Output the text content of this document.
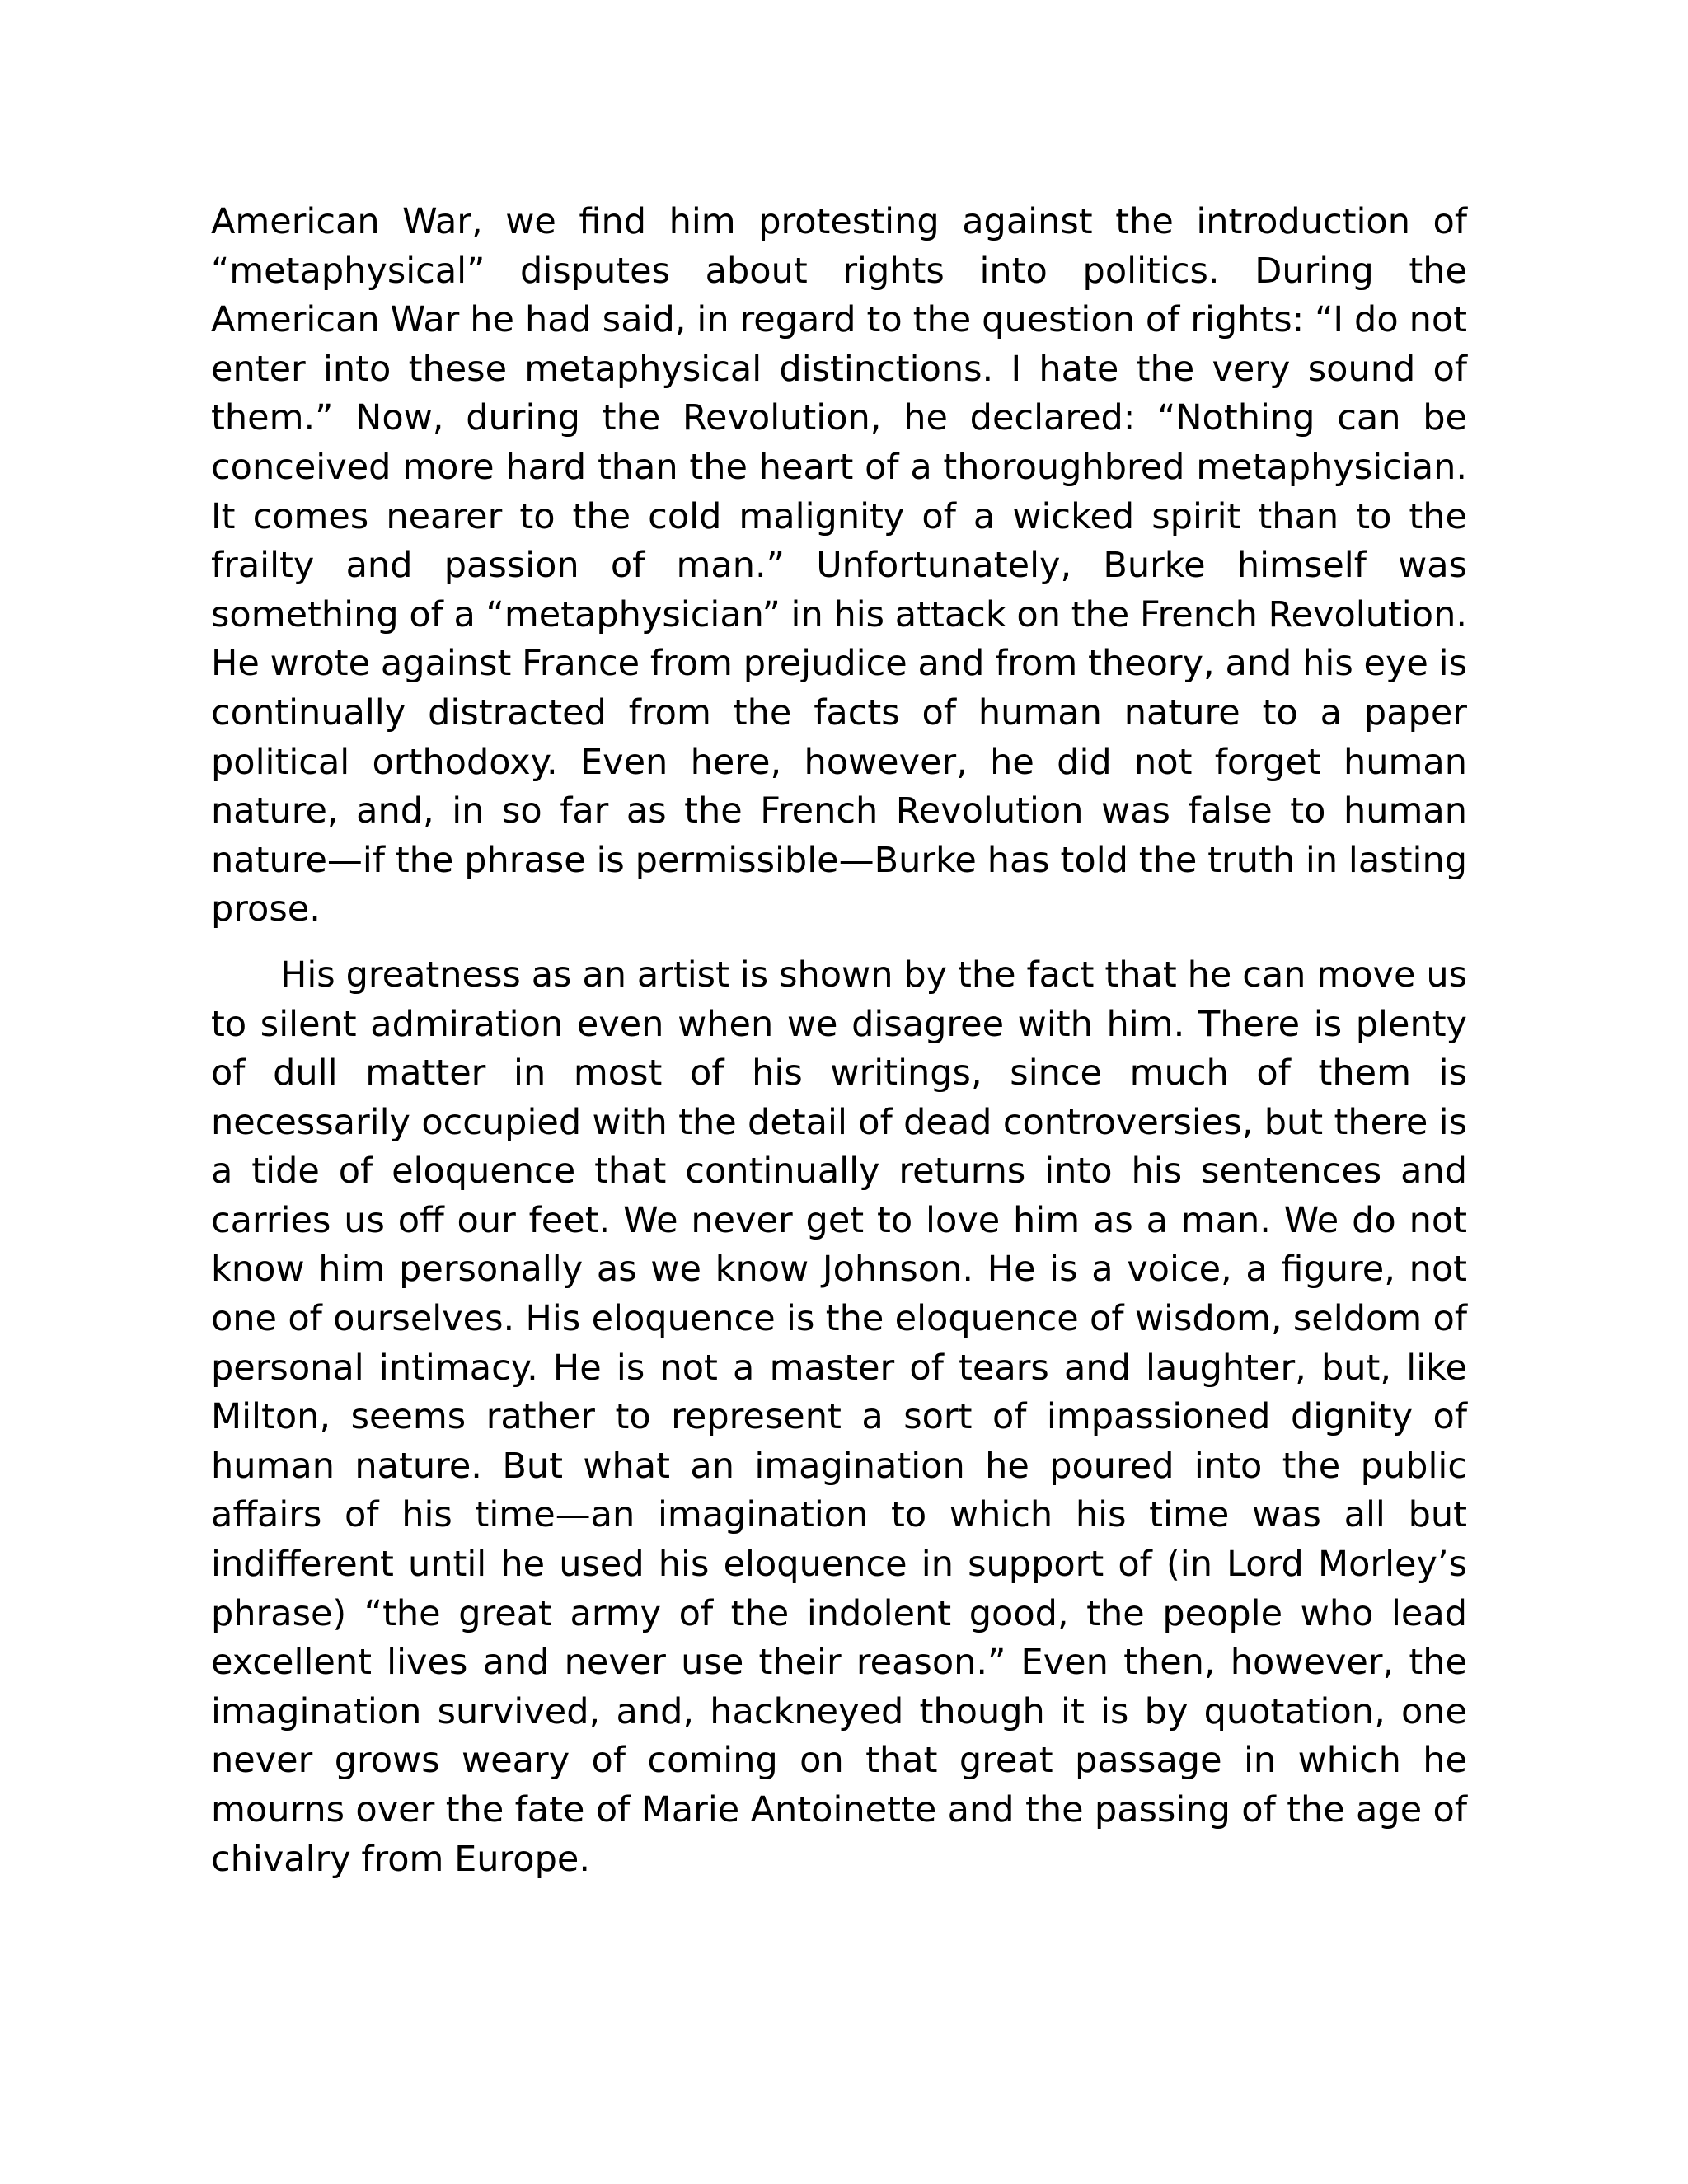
American War, we find him protesting against the introduction of “metaphysical” disputes about rights into politics. During the American War he had said, in regard to the question of rights: “I do not enter into these metaphysical distinctions. I hate the very sound of them.” Now, during the Revolution, he declared: “Nothing can be conceived more hard than the heart of a thoroughbred metaphysician. It comes nearer to the cold malignity of a wicked spirit than to the frailty and passion of man.” Unfortunately, Burke himself was something of a “metaphysician” in his attack on the French Revolution. He wrote against France from prejudice and from theory, and his eye is continually distracted from the facts of human nature to a paper political orthodoxy. Even here, however, he did not forget human nature, and, in so far as the French Revolution was false to human nature—if the phrase is permissible—Burke has told the truth in lasting prose.

His greatness as an artist is shown by the fact that he can move us to silent admiration even when we disagree with him. There is plenty of dull matter in most of his writings, since much of them is necessarily occupied with the detail of dead controversies, but there is a tide of eloquence that continually returns into his sentences and carries us off our feet. We never get to love him as a man. We do not know him personally as we know Johnson. He is a voice, a figure, not one of ourselves. His eloquence is the eloquence of wisdom, seldom of personal intimacy. He is not a master of tears and laughter, but, like Milton, seems rather to represent a sort of impassioned dignity of human nature. But what an imagination he poured into the public affairs of his time—an imagination to which his time was all but indifferent until he used his eloquence in support of (in Lord Morley’s phrase) “the great army of the indolent good, the people who lead excellent lives and never use their reason.” Even then, however, the imagination survived, and, hackneyed though it is by quotation, one never grows weary of coming on that great passage in which he mourns over the fate of Marie Antoinette and the passing of the age of chivalry from Europe.
